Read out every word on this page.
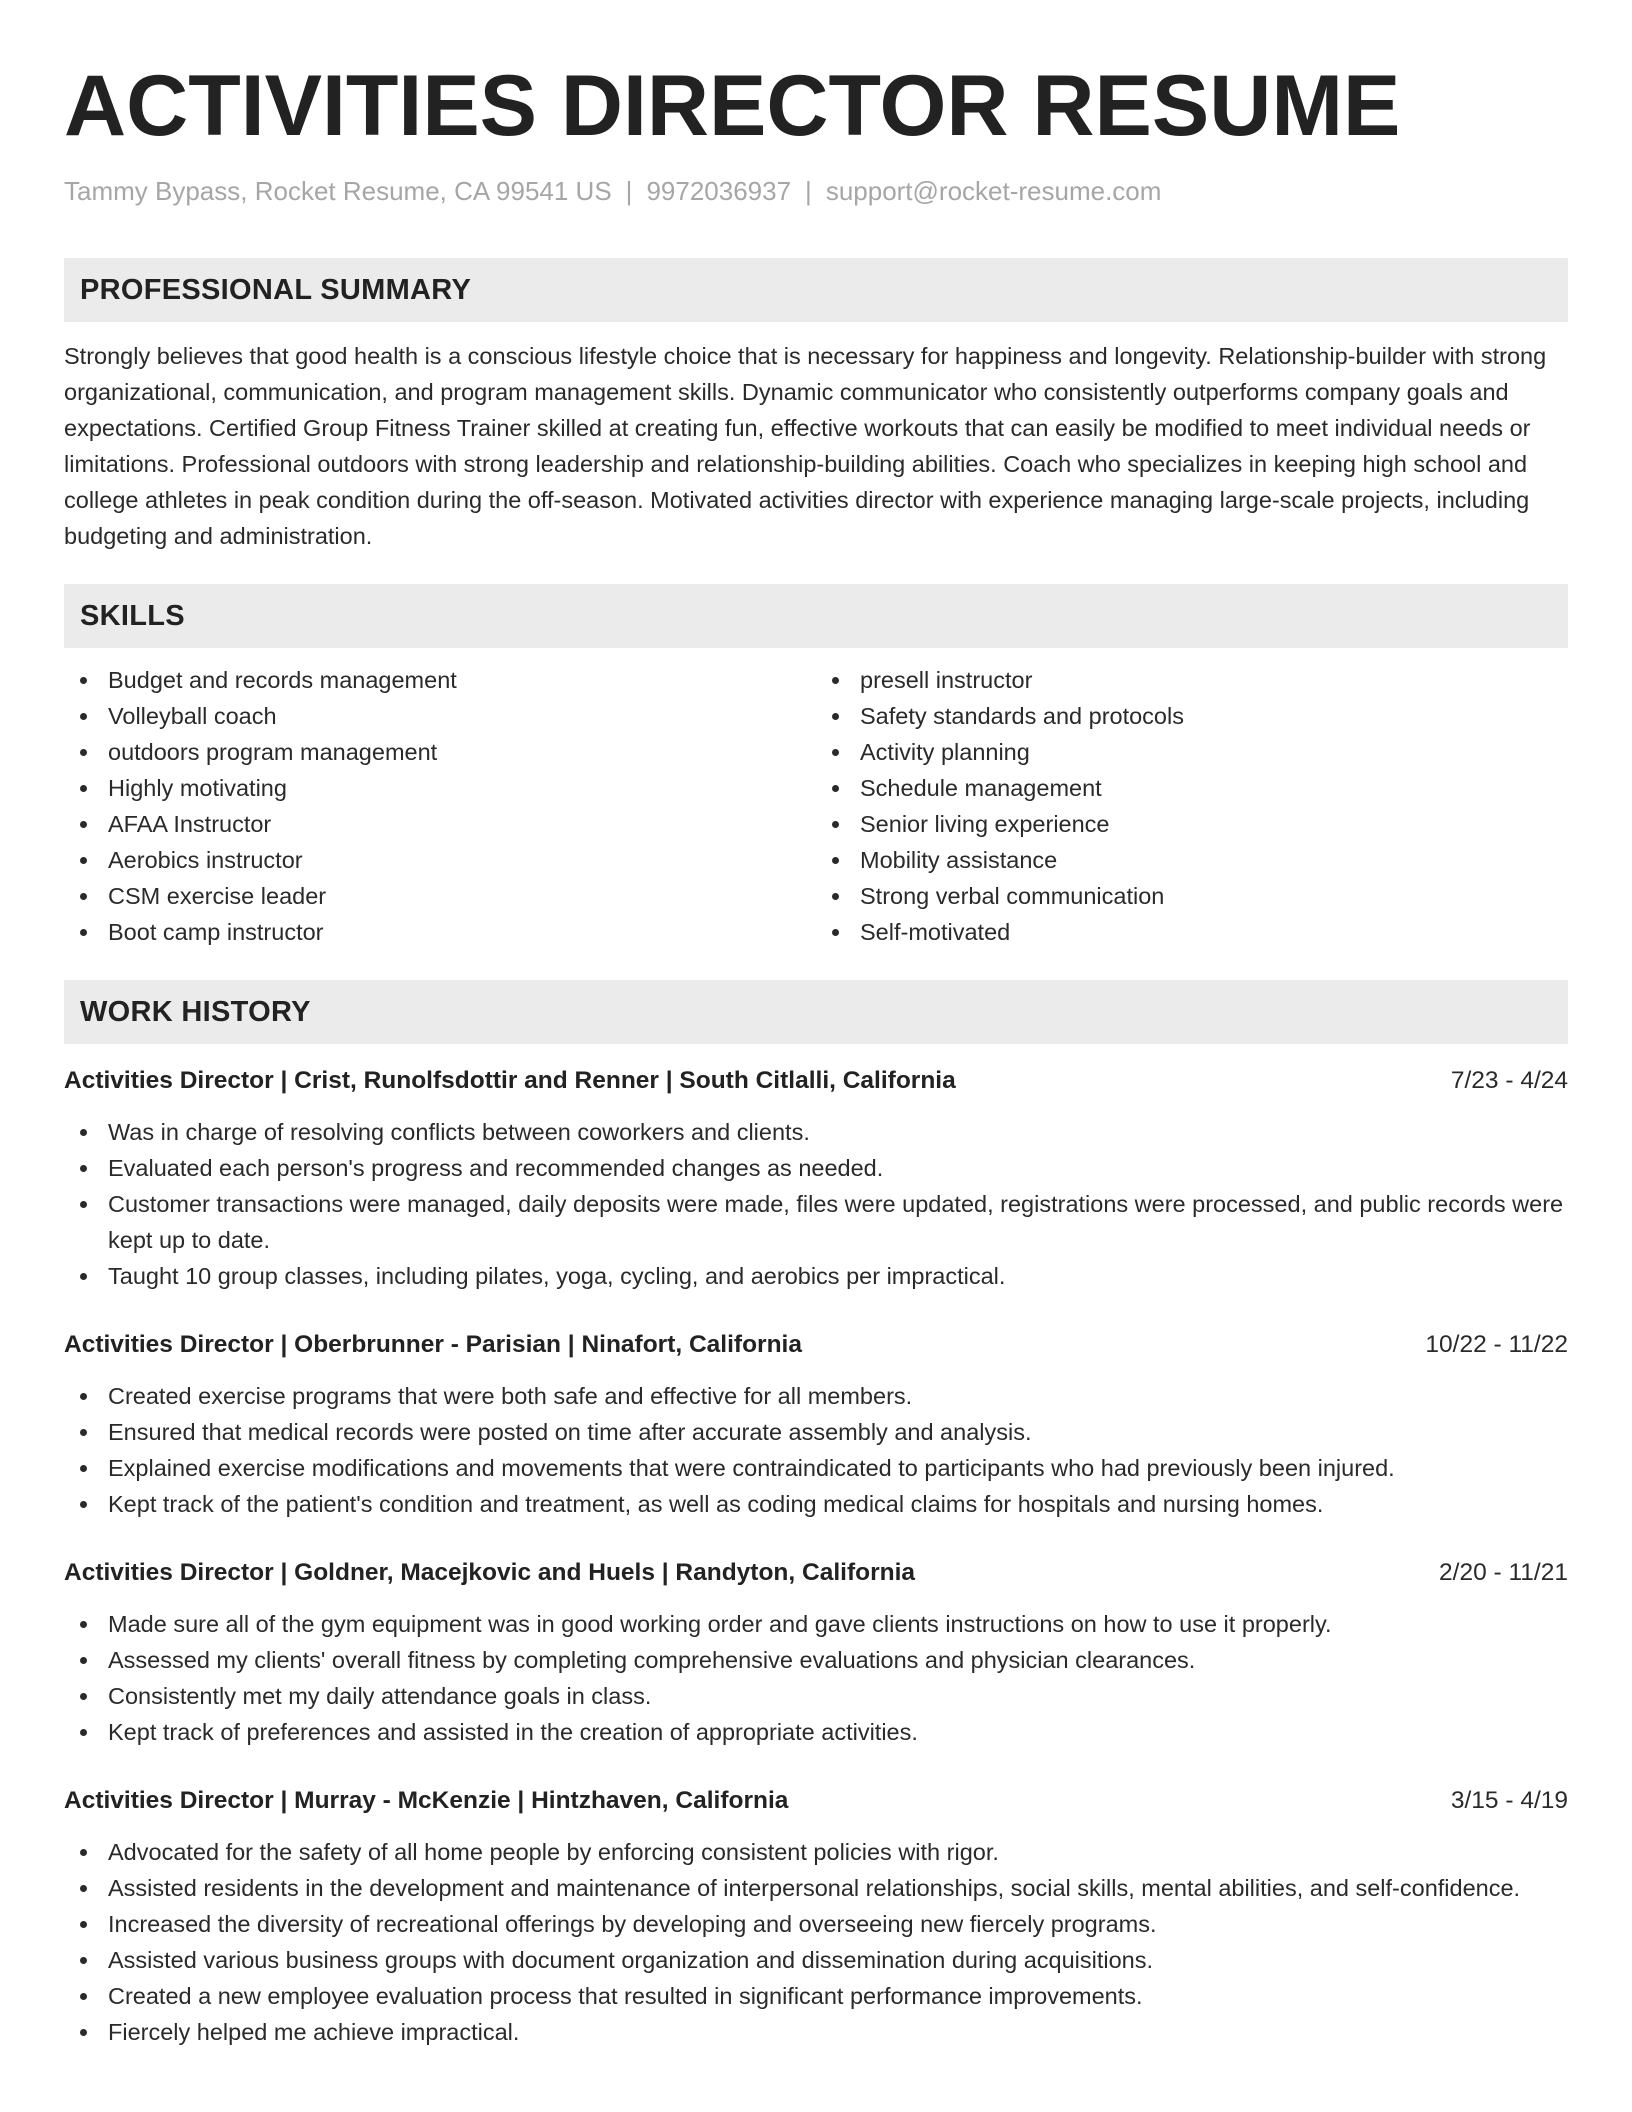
ACTIVITIES DIRECTOR RESUME
Tammy Bypass, Rocket Resume, CA 99541 US | 9972036937 | support@rocket-resume.com
PROFESSIONAL SUMMARY

Strongly believes that good health is a conscious lifestyle choice that is necessary for happiness and longevity. Relationship-builder with strong organizational, communication, and program management skills. Dynamic communicator who consistently outperforms company goals and expectations. Certified Group Fitness Trainer skilled at creating fun, effective workouts that can easily be modified to meet individual needs or limitations. Professional outdoors with strong leadership and relationship-building abilities. Coach who specializes in keeping high school and college athletes in peak condition during the off-season. Motivated activities director with experience managing large-scale projects, including budgeting and administration.

SKILLS
Budget and records management
Volleyball coach
outdoors program management
Highly motivating
AFAA Instructor
Aerobics instructor
CSM exercise leader
Boot camp instructor
presell instructor
Safety standards and protocols
Activity planning
Schedule management
Senior living experience
Mobility assistance
Strong verbal communication
Self-motivated
WORK HISTORY
Activities Director | Crist, Runolfsdottir and Renner | South Citlalli, California	7/23 - 4/24
Was in charge of resolving conflicts between coworkers and clients.
Evaluated each person's progress and recommended changes as needed.
Customer transactions were managed, daily deposits were made, files were updated, registrations were processed, and public records were kept up to date.
Taught 10 group classes, including pilates, yoga, cycling, and aerobics per impractical.
Activities Director | Oberbrunner - Parisian | Ninafort, California	10/22 - 11/22
Created exercise programs that were both safe and effective for all members.
Ensured that medical records were posted on time after accurate assembly and analysis.
Explained exercise modifications and movements that were contraindicated to participants who had previously been injured.
Kept track of the patient's condition and treatment, as well as coding medical claims for hospitals and nursing homes.
Activities Director | Goldner, Macejkovic and Huels | Randyton, California	2/20 - 11/21
Made sure all of the gym equipment was in good working order and gave clients instructions on how to use it properly.
Assessed my clients' overall fitness by completing comprehensive evaluations and physician clearances.
Consistently met my daily attendance goals in class.
Kept track of preferences and assisted in the creation of appropriate activities.
Activities Director | Murray - McKenzie | Hintzhaven, California	3/15 - 4/19
Advocated for the safety of all home people by enforcing consistent policies with rigor.
Assisted residents in the development and maintenance of interpersonal relationships, social skills, mental abilities, and self-confidence.
Increased the diversity of recreational offerings by developing and overseeing new fiercely programs.
Assisted various business groups with document organization and dissemination during acquisitions.
Created a new employee evaluation process that resulted in significant performance improvements.
Fiercely helped me achieve impractical.
